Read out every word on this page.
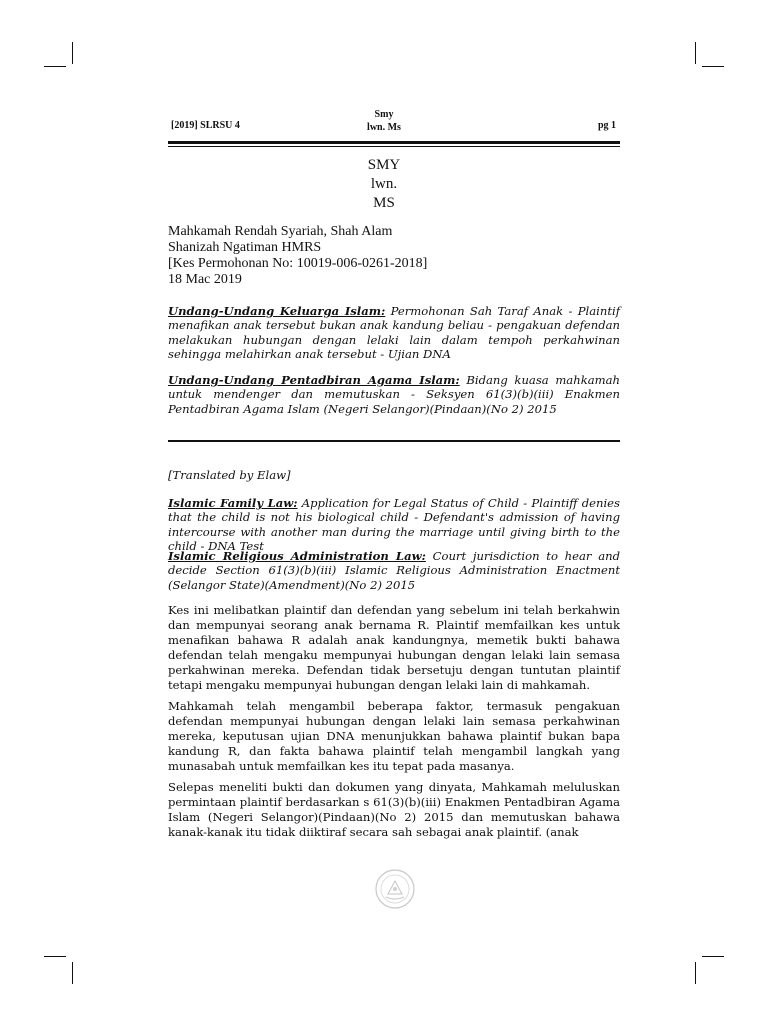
[2019] SLRSU 4
Smy
lwn. Ms	pg 1
SMY
lwn.
MS
Mahkamah Rendah Syariah, Shah Alam
Shanizah Ngatiman HMRS
[Kes Permohonan No: 10019-006-0261-2018]
18 Mac 2019

Undang-Undang Keluarga Islam: Permohonan Sah Taraf Anak - Plaintif menafikan anak tersebut bukan anak kandung beliau - pengakuan defendan melakukan hubungan dengan lelaki lain dalam tempoh perkahwinan sehingga melahirkan anak tersebut - Ujian DNA

Undang-Undang Pentadbiran Agama Islam: Bidang kuasa mahkamah untuk mendenger dan memutuskan - Seksyen 61(3)(b)(iii) Enakmen Pentadbiran Agama Islam (Negeri Selangor)(Pindaan)(No 2) 2015

[Translated by Elaw]

Islamic Family Law: Application for Legal Status of Child - Plaintiff denies that the child is not his biological child - Defendant's admission of having intercourse with another man during the marriage until giving birth to the child - DNA Test

Islamic Religious Administration Law: Court jurisdiction to hear and decide Section 61(3)(b)(iii) Islamic Religious Administration Enactment (Selangor State)(Amendment)(No 2) 2015

Kes ini melibatkan plaintif dan defendan yang sebelum ini telah berkahwin dan mempunyai seorang anak bernama R. Plaintif memfailkan kes untuk menafikan bahawa R adalah anak kandungnya, memetik bukti bahawa defendan telah mengaku mempunyai hubungan dengan lelaki lain semasa perkahwinan mereka. Defendan tidak bersetuju dengan tuntutan plaintif tetapi mengaku mempunyai hubungan dengan lelaki lain di mahkamah.

Mahkamah telah mengambil beberapa faktor, termasuk pengakuan defendan mempunyai hubungan dengan lelaki lain semasa perkahwinan mereka, keputusan ujian DNA menunjukkan bahawa plaintif bukan bapa kandung R, dan fakta bahawa plaintif telah mengambil langkah yang munasabah untuk memfailkan kes itu tepat pada masanya.

Selepas meneliti bukti dan dokumen yang dinyata, Mahkamah meluluskan permintaan plaintif berdasarkan s 61(3)(b)(iii) Enakmen Pentadbiran Agama Islam (Negeri Selangor)(Pindaan)(No 2) 2015 dan memutuskan bahawa kanak-kanak itu tidak diiktiraf secara sah sebagai anak plaintif. (anak
